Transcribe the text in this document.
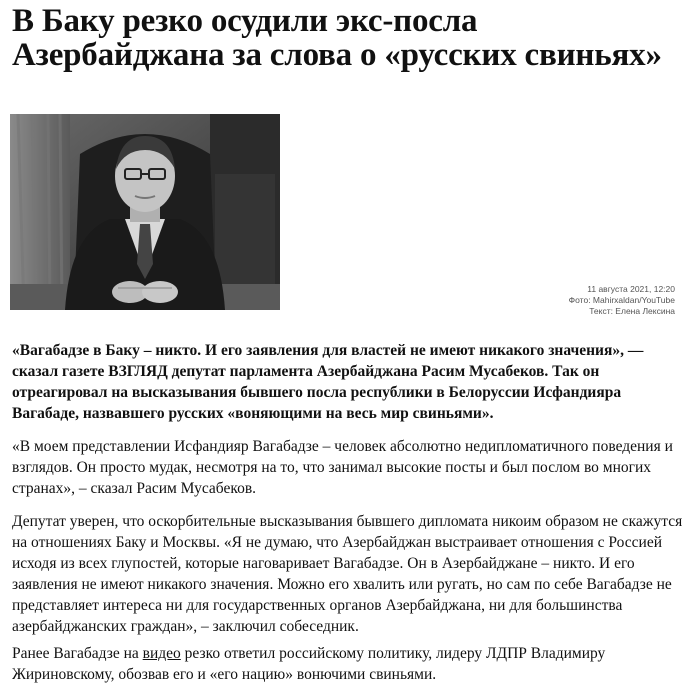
В Баку резко осудили экс-посла Азербайджана за слова о «русских свиньях»
11 августа 2021, 12:20
Фото: Mahirxaldan/YouTube
Текст: Елена Лексина

«Вагабадзе в Баку – никто. И его заявления для властей не имеют никакого значения», — сказал газете ВЗГЛЯД депутат парламента Азербайджана Расим Мусабеков. Так он отреагировал на высказывания бывшего посла республики в Белоруссии Исфандияра Вагабаде, назвавшего русских «воняющими на весь мир свиньями».

«В моем представлении Исфандияр Вагабадзе – человек абсолютно недипломатичного поведения и взглядов. Он просто мудак, несмотря на то, что занимал высокие посты и был послом во многих странах», – сказал Расим Мусабеков.

Депутат уверен, что оскорбительные высказывания бывшего дипломата никоим образом не скажутся на отношениях Баку и Москвы. «Я не думаю, что Азербайджан выстраивает отношения с Россией исходя из всех глупостей, которые наговаривает Вагабадзе. Он в Азербайджане – никто. И его заявления не имеют никакого значения. Можно его хвалить или ругать, но сам по себе Вагабадзе не представляет интереса ни для государственных органов Азербайджана, ни для большинства азербайджанских граждан», – заключил собеседник.

Ранее Вагабадзе на видео резко ответил российскому политику, лидеру ЛДПР Владимиру Жириновскому, обозвав его и «его нацию» вонючими свиньями.
